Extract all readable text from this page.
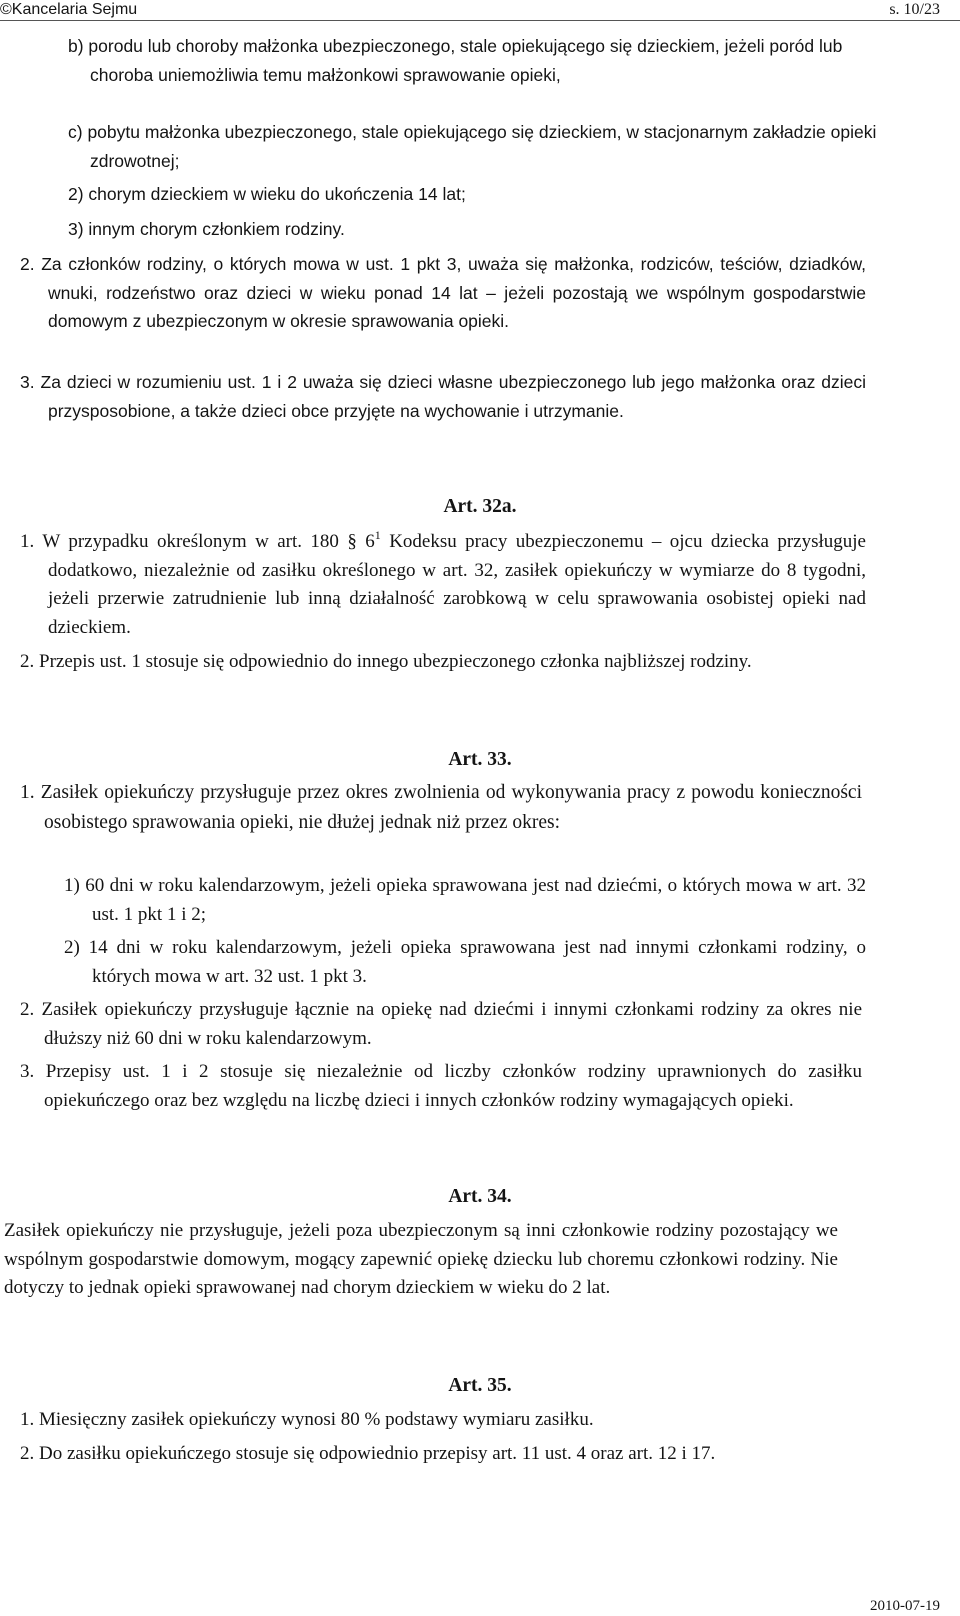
©Kancelaria Sejmu	s. 10/23

b) porodu lub choroby małżonka ubezpieczonego, stale opiekującego się dzieckiem, jeżeli poród lub choroba uniemożliwia temu małżonkowi sprawowanie opieki,

c) pobytu małżonka ubezpieczonego, stale opiekującego się dzieckiem, w stacjonarnym zakładzie opieki zdrowotnej;

2) chorym dzieckiem w wieku do ukończenia 14 lat;

3) innym chorym członkiem rodziny.

2. Za członków rodziny, o których mowa w ust. 1 pkt 3, uważa się małżonka, rodziców, teściów, dziadków, wnuki, rodzeństwo oraz dzieci w wieku ponad 14 lat – jeżeli pozostają we wspólnym gospodarstwie domowym z ubezpieczonym w okresie sprawowania opieki.

3. Za dzieci w rozumieniu ust. 1 i 2 uważa się dzieci własne ubezpieczonego lub jego małżonka oraz dzieci przysposobione, a także dzieci obce przyjęte na wychowanie i utrzymanie.

Art. 32a.

1. W przypadku określonym w art. 180 § $6^1$ Kodeksu pracy ubezpieczonemu – ojcu dziecka przysługuje dodatkowo, niezależnie od zasiłku określonego w art. 32, zasiłek opiekuńczy w wymiarze do 8 tygodni, jeżeli przerwie zatrudnienie lub inną działalność zarobkową w celu sprawowania osobistej opieki nad dzieckiem.

2. Przepis ust. 1 stosuje się odpowiednio do innego ubezpieczonego członka najbliższej rodziny.

Art. 33.

1. Zasiłek opiekuńczy przysługuje przez okres zwolnienia od wykonywania pracy z powodu konieczności osobistego sprawowania opieki, nie dłużej jednak niż przez okres:

1) 60 dni w roku kalendarzowym, jeżeli opieka sprawowana jest nad dziećmi, o których mowa w art. 32 ust. 1 pkt 1 i 2;

2) 14 dni w roku kalendarzowym, jeżeli opieka sprawowana jest nad innymi członkami rodziny, o których mowa w art. 32 ust. 1 pkt 3.

2. Zasiłek opiekuńczy przysługuje łącznie na opiekę nad dziećmi i innymi członkami rodziny za okres nie dłuższy niż 60 dni w roku kalendarzowym.

3. Przepisy ust. 1 i 2 stosuje się niezależnie od liczby członków rodziny uprawnionych do zasiłku opiekuńczego oraz bez względu na liczbę dzieci i innych członków rodziny wymagających opieki.

Art. 34.

Zasiłek opiekuńczy nie przysługuje, jeżeli poza ubezpieczonym są inni członkowie rodziny pozostający we wspólnym gospodarstwie domowym, mogący zapewnić opiekę dziecku lub choremu członkowi rodziny. Nie dotyczy to jednak opieki sprawowanej nad chorym dzieckiem w wieku do 2 lat.

Art. 35.

1. Miesięczny zasiłek opiekuńczy wynosi 80 % podstawy wymiaru zasiłku.

2. Do zasiłku opiekuńczego stosuje się odpowiednio przepisy art. 11 ust. 4 oraz art. 12 i 17.

2010-07-19
